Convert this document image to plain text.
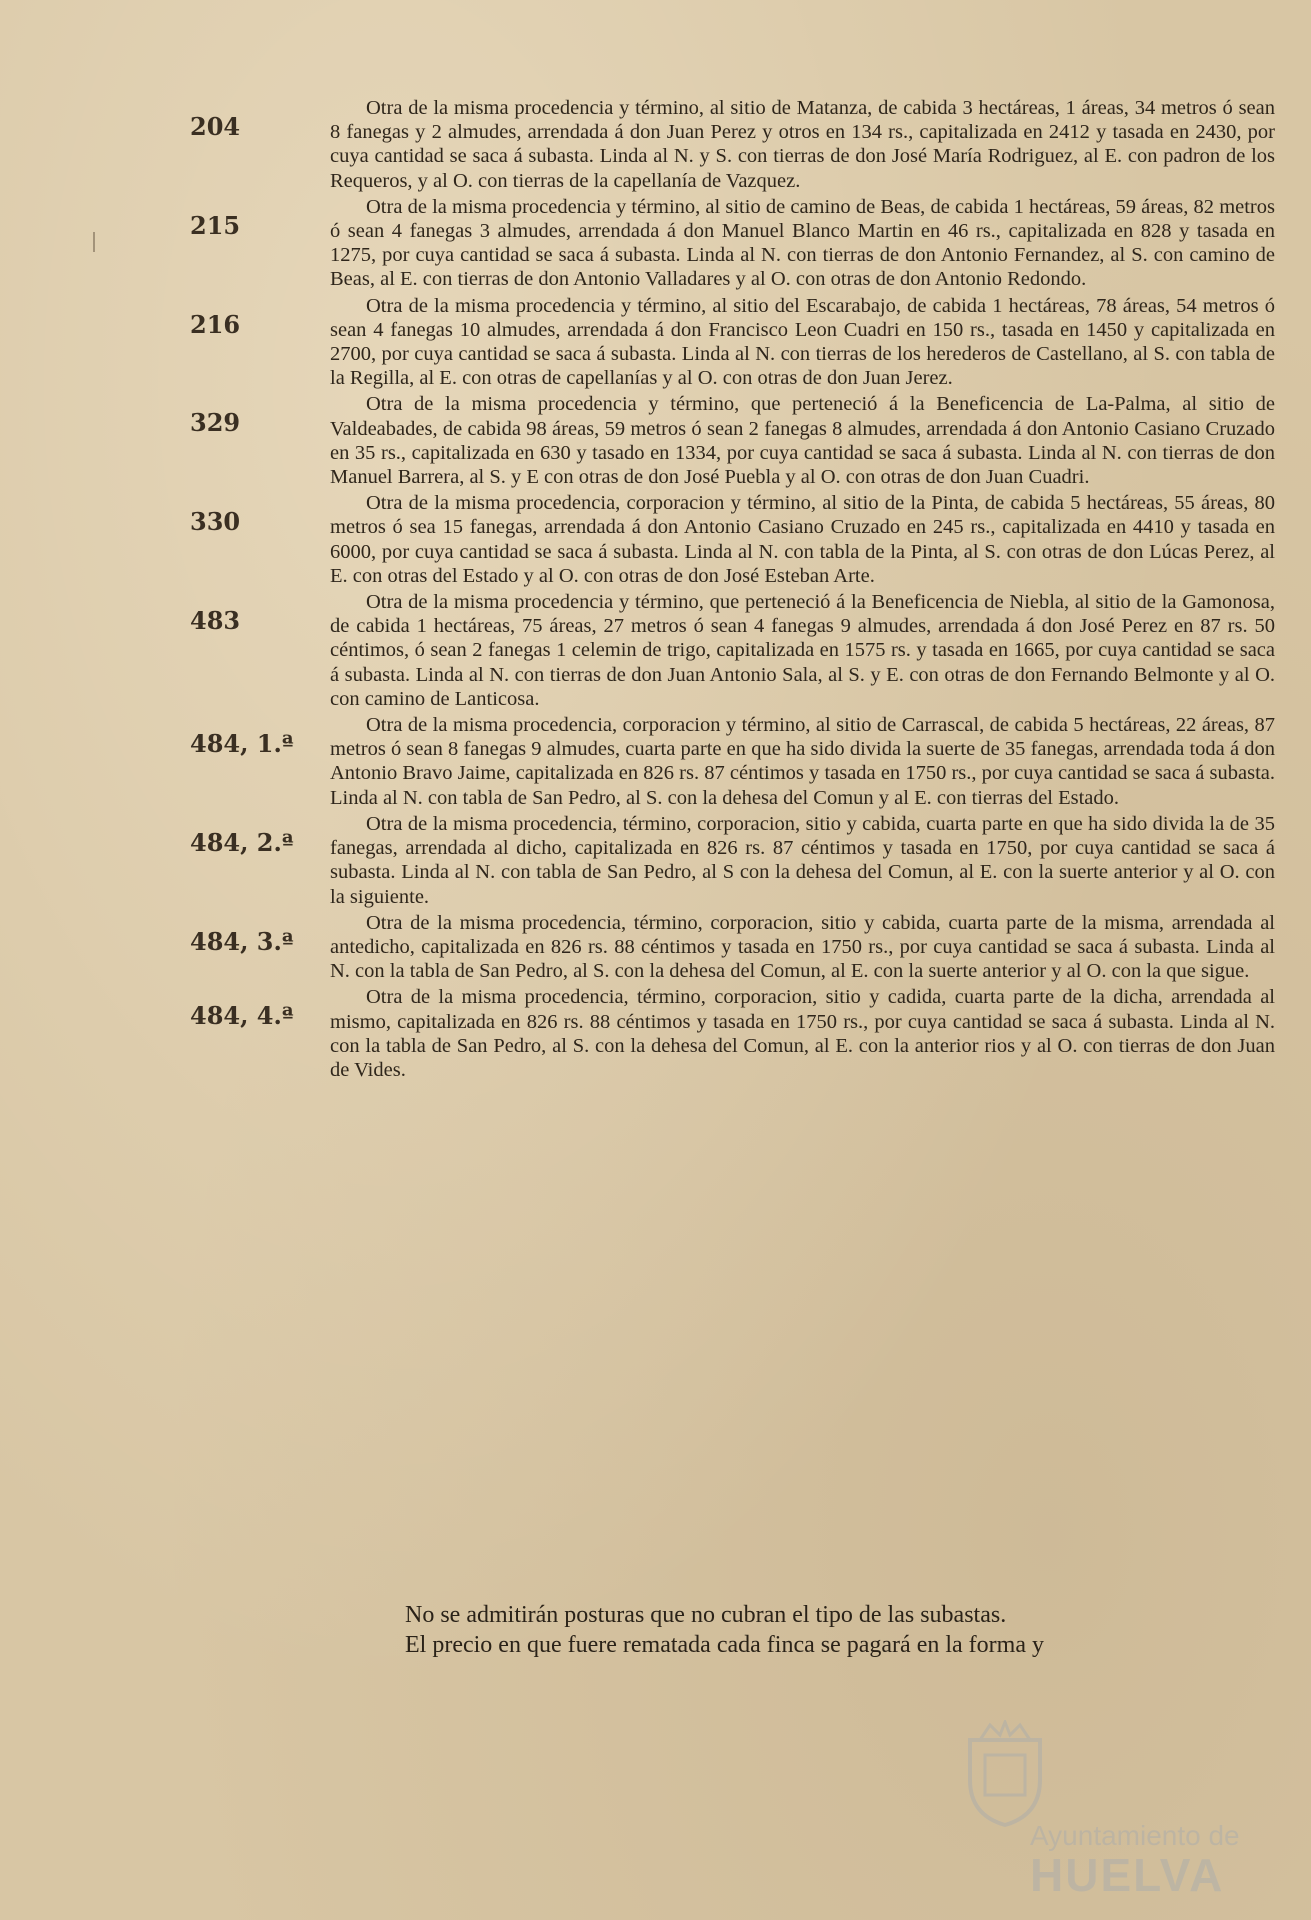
204
Otra de la misma procedencia y término, al sitio de Matanza, de cabida 3 hectáreas, 1 áreas, 34 metros ó sean 8 fanegas y 2 almudes, arrendada á don Juan Perez y otros en 134 rs., capitalizada en 2412 y tasada en 2430, por cuya cantidad se saca á subasta. Linda al N. y S. con tierras de don José María Rodriguez, al E. con padron de los Requeros, y al O. con tierras de la capellanía de Vazquez.
215
Otra de la misma procedencia y término, al sitio de camino de Beas, de cabida 1 hectáreas, 59 áreas, 82 metros ó sean 4 fanegas 3 almudes, arrendada á don Manuel Blanco Martin en 46 rs., capitalizada en 828 y tasada en 1275, por cuya cantidad se saca á subasta. Linda al N. con tierras de don Antonio Fernandez, al S. con camino de Beas, al E. con tierras de don Antonio Valladares y al O. con otras de don Antonio Redondo.
216
Otra de la misma procedencia y término, al sitio del Escarabajo, de cabida 1 hectáreas, 78 áreas, 54 metros ó sean 4 fanegas 10 almudes, arrendada á don Francisco Leon Cuadri en 150 rs., tasada en 1450 y capitalizada en 2700, por cuya cantidad se saca á subasta. Linda al N. con tierras de los herederos de Castellano, al S. con tabla de la Regilla, al E. con otras de capellanías y al O. con otras de don Juan Jerez.
329
Otra de la misma procedencia y término, que perteneció á la Beneficencia de La-Palma, al sitio de Valdeabades, de cabida 98 áreas, 59 metros ó sean 2 fanegas 8 almudes, arrendada á don Antonio Casiano Cruzado en 35 rs., capitalizada en 630 y tasado en 1334, por cuya cantidad se saca á subasta. Linda al N. con tierras de don Manuel Barrera, al S. y E con otras de don José Puebla y al O. con otras de don Juan Cuadri.
330
Otra de la misma procedencia, corporacion y término, al sitio de la Pinta, de cabida 5 hectáreas, 55 áreas, 80 metros ó sea 15 fanegas, arrendada á don Antonio Casiano Cruzado en 245 rs., capitalizada en 4410 y tasada en 6000, por cuya cantidad se saca á subasta. Linda al N. con tabla de la Pinta, al S. con otras de don Lúcas Perez, al E. con otras del Estado y al O. con otras de don José Esteban Arte.
483
Otra de la misma procedencia y término, que perteneció á la Beneficencia de Niebla, al sitio de la Gamonosa, de cabida 1 hectáreas, 75 áreas, 27 metros ó sean 4 fanegas 9 almudes, arrendada á don José Perez en 87 rs. 50 céntimos, ó sean 2 fanegas 1 celemin de trigo, capitalizada en 1575 rs. y tasada en 1665, por cuya cantidad se saca á subasta. Linda al N. con tierras de don Juan Antonio Sala, al S. y E. con otras de don Fernando Belmonte y al O. con camino de Lanticosa.
484, 1.ª
Otra de la misma procedencia, corporacion y término, al sitio de Carrascal, de cabida 5 hectáreas, 22 áreas, 87 metros ó sean 8 fanegas 9 almudes, cuarta parte en que ha sido divida la suerte de 35 fanegas, arrendada toda á don Antonio Bravo Jaime, capitalizada en 826 rs. 87 céntimos y tasada en 1750 rs., por cuya cantidad se saca á subasta. Linda al N. con tabla de San Pedro, al S. con la dehesa del Comun y al E. con tierras del Estado.
484, 2.ª
Otra de la misma procedencia, término, corporacion, sitio y cabida, cuarta parte en que ha sido divida la de 35 fanegas, arrendada al dicho, capitalizada en 826 rs. 87 céntimos y tasada en 1750, por cuya cantidad se saca á subasta. Linda al N. con tabla de San Pedro, al S con la dehesa del Comun, al E. con la suerte anterior y al O. con la siguiente.
484, 3.ª
Otra de la misma procedencia, término, corporacion, sitio y cabida, cuarta parte de la misma, arrendada al antedicho, capitalizada en 826 rs. 88 céntimos y tasada en 1750 rs., por cuya cantidad se saca á subasta. Linda al N. con la tabla de San Pedro, al S. con la dehesa del Comun, al E. con la suerte anterior y al O. con la que sigue.
484, 4.ª
Otra de la misma procedencia, término, corporacion, sitio y cadida, cuarta parte de la dicha, arrendada al mismo, capitalizada en 826 rs. 88 céntimos y tasada en 1750 rs., por cuya cantidad se saca á subasta. Linda al N. con la tabla de San Pedro, al S. con la dehesa del Comun, al E. con la anterior rios y al O. con tierras de don Juan de Vides.

No se admitirán posturas que no cubran el tipo de las subastas.

El precio en que fuere rematada cada finca se pagará en la forma y

Ayuntamiento de
HUELVA
